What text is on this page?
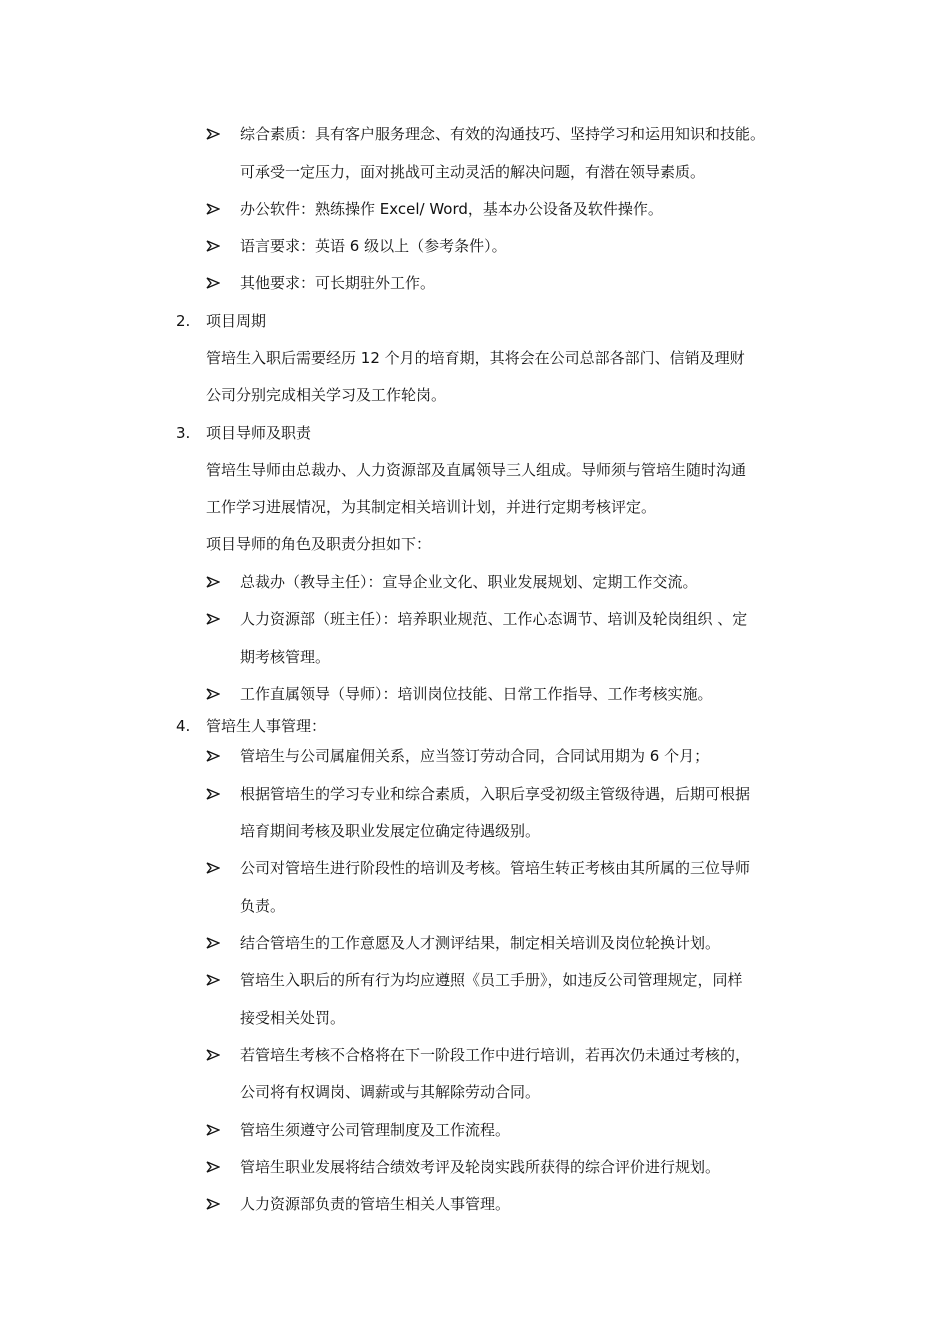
综合素质：具有客户服务理念、有效的沟通技巧、坚持学习和运用知识和技能。
可承受一定压力，面对挑战可主动灵活的解决问题，有潜在领导素质。
办公软件：熟练操作 Excel/ Word，基本办公设备及软件操作。
语言要求：英语 6 级以上（参考条件）。
其他要求：可长期驻外工作。
2. 项目周期
管培生入职后需要经历 12 个月的培育期，其将会在公司总部各部门、信销及理财
公司分别完成相关学习及工作轮岗。
3. 项目导师及职责
管培生导师由总裁办、人力资源部及直属领导三人组成。导师须与管培生随时沟通
工作学习进展情况，为其制定相关培训计划，并进行定期考核评定。
项目导师的角色及职责分担如下：
总裁办（教导主任）：宣导企业文化、职业发展规划、定期工作交流。
人力资源部（班主任）：培养职业规范、工作心态调节、培训及轮岗组织 、定
期考核管理。
工作直属领导（导师）：培训岗位技能、日常工作指导、工作考核实施。
4. 管培生人事管理：
管培生与公司属雇佣关系，应当签订劳动合同，合同试用期为 6 个月；
根据管培生的学习专业和综合素质，入职后享受初级主管级待遇，后期可根据
培育期间考核及职业发展定位确定待遇级别。
公司对管培生进行阶段性的培训及考核。管培生转正考核由其所属的三位导师
负责。
结合管培生的工作意愿及人才测评结果，制定相关培训及岗位轮换计划。
管培生入职后的所有行为均应遵照《员工手册》，如违反公司管理规定，同样
接受相关处罚。
若管培生考核不合格将在下一阶段工作中进行培训，若再次仍未通过考核的，
公司将有权调岗、调薪或与其解除劳动合同。
管培生须遵守公司管理制度及工作流程。
管培生职业发展将结合绩效考评及轮岗实践所获得的综合评价进行规划。
人力资源部负责的管培生相关人事管理。
